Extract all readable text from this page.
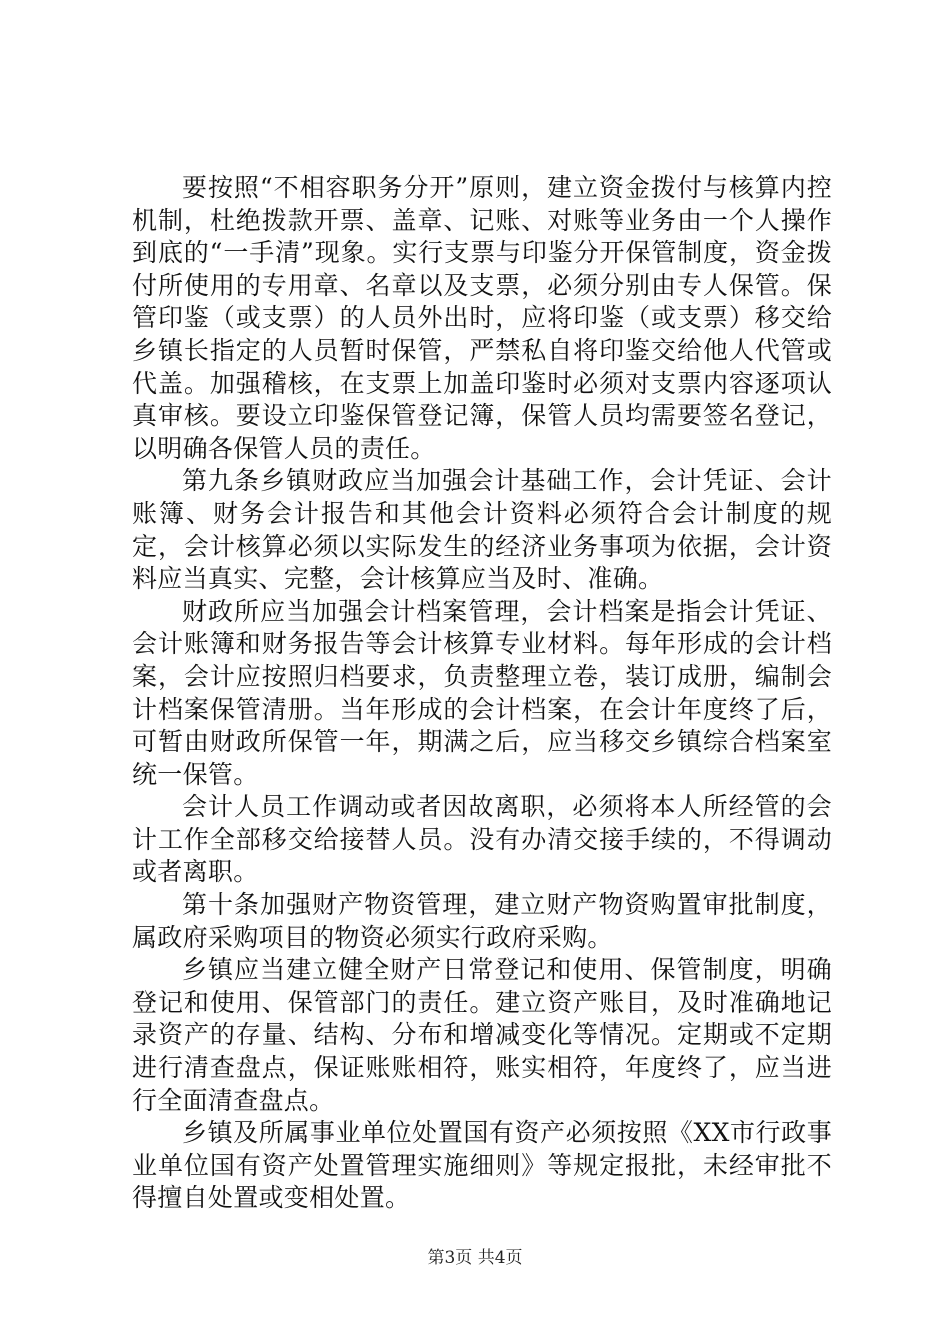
要按照“不相容职务分开”原则，建立资金拨付与核算内控机制，杜绝拨款开票、盖章、记账、对账等业务由一个人操作到底的“一手清”现象。实行支票与印鉴分开保管制度，资金拨付所使用的专用章、名章以及支票，必须分别由专人保管。保管印鉴（或支票）的人员外出时，应将印鉴（或支票）移交给乡镇长指定的人员暂时保管，严禁私自将印鉴交给他人代管或代盖。加强稽核，在支票上加盖印鉴时必须对支票内容逐项认真审核。要设立印鉴保管登记簿，保管人员均需要签名登记，以明确各保管人员的责任。

第九条乡镇财政应当加强会计基础工作，会计凭证、会计账簿、财务会计报告和其他会计资料必须符合会计制度的规定，会计核算必须以实际发生的经济业务事项为依据，会计资料应当真实、完整，会计核算应当及时、准确。

财政所应当加强会计档案管理，会计档案是指会计凭证、会计账簿和财务报告等会计核算专业材料。每年形成的会计档案，会计应按照归档要求，负责整理立卷，装订成册，编制会计档案保管清册。当年形成的会计档案，在会计年度终了后，可暂由财政所保管一年，期满之后，应当移交乡镇综合档案室统一保管。

会计人员工作调动或者因故离职，必须将本人所经管的会计工作全部移交给接替人员。没有办清交接手续的，不得调动或者离职。

第十条加强财产物资管理，建立财产物资购置审批制度，属政府采购项目的物资必须实行政府采购。

乡镇应当建立健全财产日常登记和使用、保管制度，明确登记和使用、保管部门的责任。建立资产账目，及时准确地记录资产的存量、结构、分布和增减变化等情况。定期或不定期进行清查盘点，保证账账相符，账实相符，年度终了，应当进行全面清查盘点。

乡镇及所属事业单位处置国有资产必须按照《XX市行政事业单位国有资产处置管理实施细则》等规定报批，未经审批不得擅自处置或变相处置。

第3页 共4页
